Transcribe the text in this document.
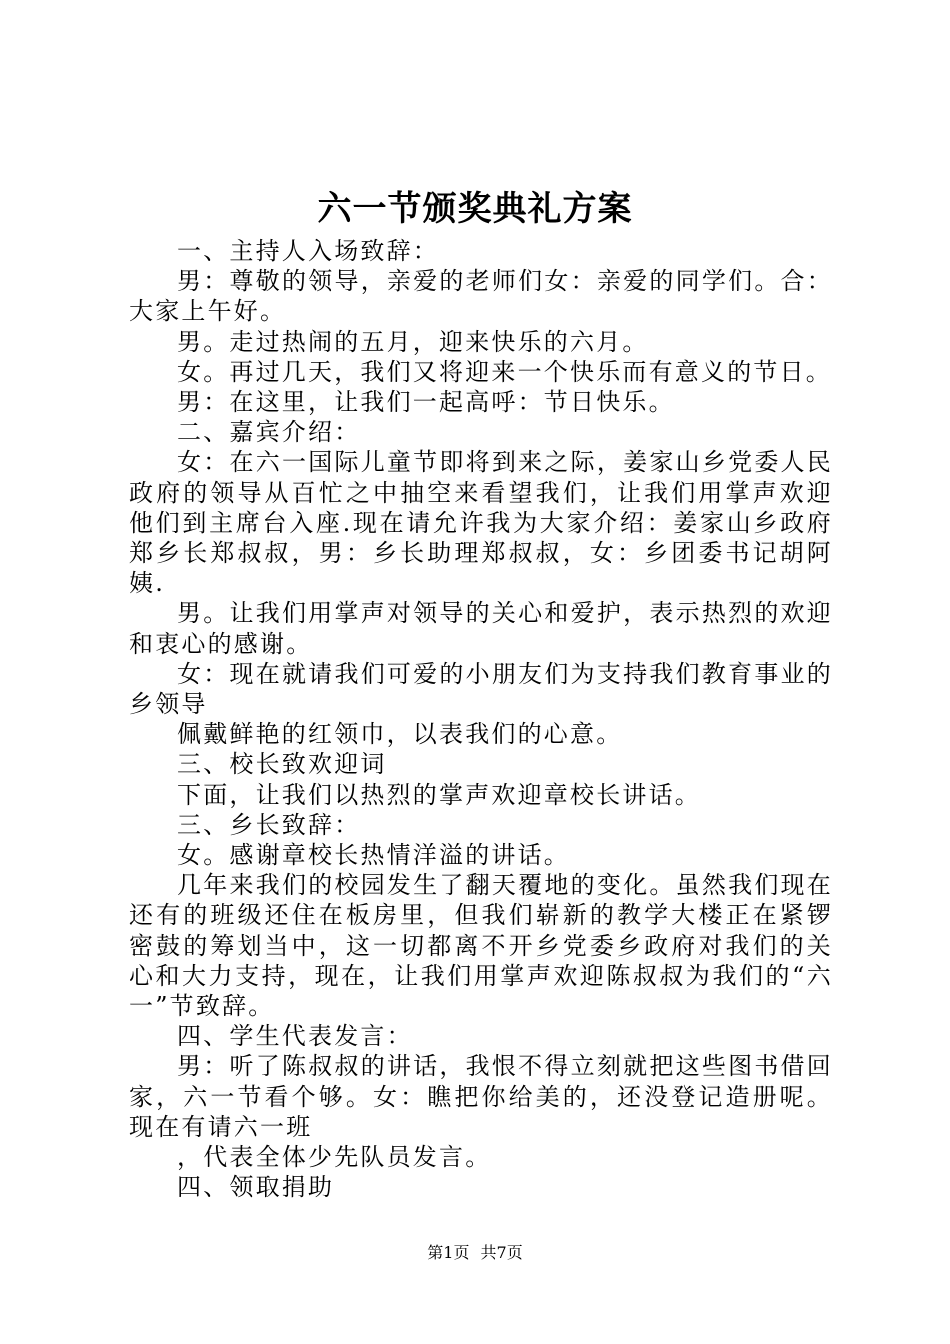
六一节颁奖典礼方案

一、主持人入场致辞：

男：尊敬的领导，亲爱的老师们女：亲爱的同学们。合：大家上午好。

男。走过热闹的五月，迎来快乐的六月。

女。再过几天，我们又将迎来一个快乐而有意义的节日。

男：在这里，让我们一起高呼：节日快乐。

二、嘉宾介绍：

女：在六一国际儿童节即将到来之际，姜家山乡党委人民政府的领导从百忙之中抽空来看望我们，让我们用掌声欢迎他们到主席台入座.现在请允许我为大家介绍：姜家山乡政府郑乡长郑叔叔，男：乡长助理郑叔叔，女：乡团委书记胡阿姨.

男。让我们用掌声对领导的关心和爱护，表示热烈的欢迎和衷心的感谢。

女：现在就请我们可爱的小朋友们为支持我们教育事业的乡领导

佩戴鲜艳的红领巾，以表我们的心意。

三、校长致欢迎词

下面，让我们以热烈的掌声欢迎章校长讲话。

三、乡长致辞：

女。感谢章校长热情洋溢的讲话。

几年来我们的校园发生了翻天覆地的变化。虽然我们现在还有的班级还住在板房里，但我们崭新的教学大楼正在紧锣密鼓的筹划当中，这一切都离不开乡党委乡政府对我们的关心和大力支持，现在，让我们用掌声欢迎陈叔叔为我们的“六一”节致辞。

四、学生代表发言：

男：听了陈叔叔的讲话，我恨不得立刻就把这些图书借回家，六一节看个够。女：瞧把你给美的，还没登记造册呢。现在有请六一班

，代表全体少先队员发言。

四、领取捐助

第1页 共7页
